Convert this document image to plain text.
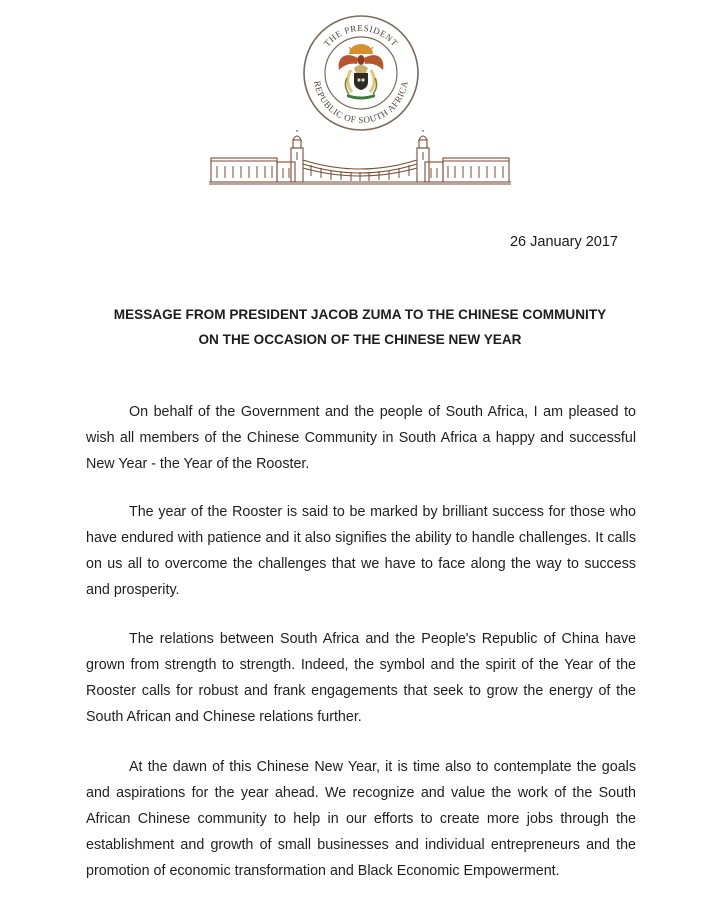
THE PRESIDENT
REPUBLIC OF SOUTH AFRICA
26 January 2017
MESSAGE FROM PRESIDENT JACOB ZUMA TO THE CHINESE COMMUNITY
ON THE OCCASION OF THE CHINESE NEW YEAR

On behalf of the Government and the people of South Africa, I am pleased to wish all members of the Chinese Community in South Africa a happy and successful New Year - the Year of the Rooster.

The year of the Rooster is said to be marked by brilliant success for those who have endured with patience and it also signifies the ability to handle challenges. It calls on us all to overcome the challenges that we have to face along the way to success and prosperity.

The relations between South Africa and the People's Republic of China have grown from strength to strength. Indeed, the symbol and the spirit of the Year of the Rooster calls for robust and frank engagements that seek to grow the energy of the South African and Chinese relations further.

At the dawn of this Chinese New Year, it is time also to contemplate the goals and aspirations for the year ahead. We recognize and value the work of the South African Chinese community to help in our efforts to create more jobs through the establishment and growth of small businesses and individual entrepreneurs and the promotion of economic transformation and Black Economic Empowerment.
